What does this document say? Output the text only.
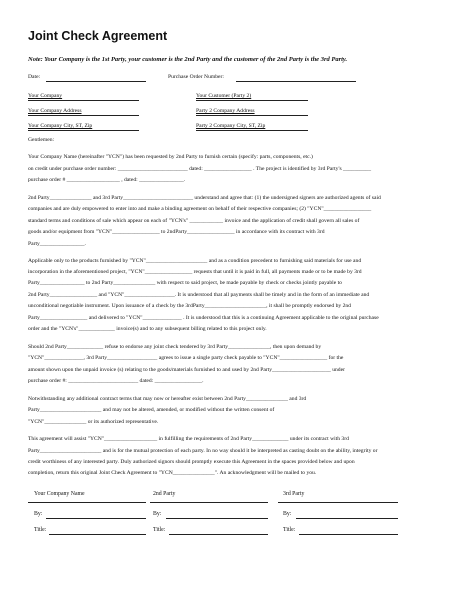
Joint Check Agreement
Note: Your Company is the 1st Party, your customer is the 2nd Party and the customer of the 2nd Party is the 3rd Party.
Date:	Purchase Order Number:
Your Company	Your Customer (Party 2)
Your Company Address	Party 2 Company Address
Your Company City, ST, Zip	Party 2 Company City, ST, Zip
Gentlemen:
Your Company Name (hereinafter "YCN") has been requested by 2nd Party to furnish certain (specify: parts, components, etc.)
on credit under purchase order number: _________________________ dated: _________________ . The project is identified by 3rd Party's __________
purchase order # ___________________ , dated: ________________.
2nd Party_______________ and 3rd Party_________________________ understand and agree that: (1) the undersigned signers are authorized agents of said
companies and are duly empowered to enter into and make a binding agreement on behalf of their respective companies; (2) "YCN"_________________
standard terms and conditions of sale which appear on each of "YCN's" ____________ invoice and the application of credit shall govern all sales of
goods and/or equipment from "YCN"_________________ to 2ndParty_________________ in accordance with its contract with 3rd
Party________________.
Applicable only to the products furnished by "YCN"______________________ and as a condition precedent to furnishing said materials for use and
incorporation in the aforementioned project, "YCN"_________________ requests that until it is paid in full, all payments made or to be made by 3rd
Party________________ to 2nd Party_______________ with respect to said project, be made payable by check or checks jointly payable to
2nd Party_________________ and "YCN"__________________. It is understood that all payments shall be timely and in the form of an immediate and
unconditional negotiable instrument. Upon issuance of a check by the 3rdParty______________________, it shall be promptly endorsed by 2nd
Party_________________ and delivered to "YCN"______________ . It is understood that this is a continuing Agreement applicable to the original purchase
order and the "YCN's"_____________ invoice(s) and to any subsequent billing related to this project only.
Should 2nd Party_____________ refuse to endorse any joint check tendered by 3rd Party_______________, then upon demand by
"YCN"______________, 3rd Party__________________ agrees to issue a single party check payable to "YCN"_________________ for the
amount shown upon the unpaid invoice (s) relating to the goods/materials furnished to and used by 2nd Party_____________________ under
purchase order #: _________________________ dated: _________________.
Notwithstanding any additional contract terms that may now or hereafter exist between 2nd Party_______________ and 3rd
Party______________________ and may not be altered, amended, or modified without the written consent of
"YCN"_______________ or its authorized representative.
This agreement will assist "YCN"___________________ in fulfilling the requirements of 2nd Party_____________ under its contract with 3rd
Party______________________ and is for the mutual protection of each party. In no way should it be interpreted as casting doubt on the ability, integrity or
credit worthiness of any interested party. Duly authorized signors should promptly execute this Agreement in the spaces provided below and upon
completion, return this original Joint Check Agreement to "YCN_______________". An acknowledgment will be mailed to you.
Your Company Name
By:
Title:
2nd Party
By:
Title:
3rd Party
By:
Title:
